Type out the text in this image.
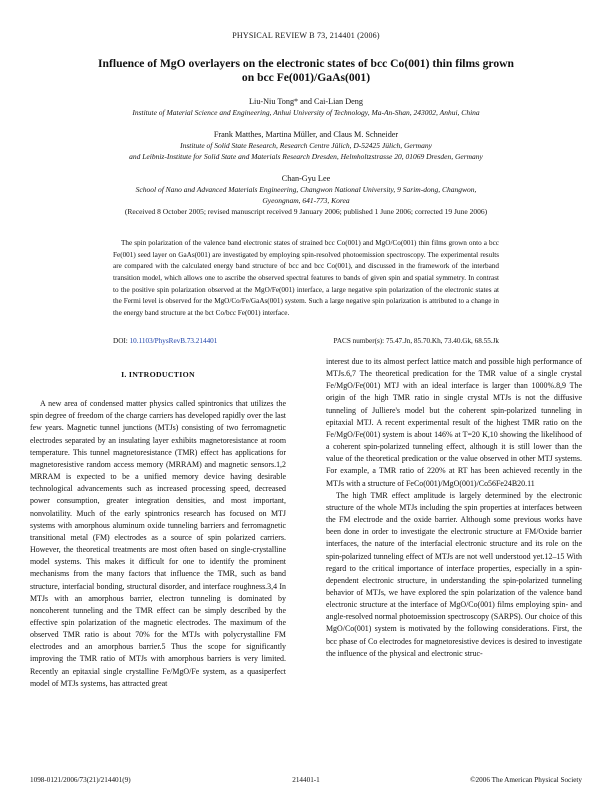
PHYSICAL REVIEW B 73, 214401 (2006)
Influence of MgO overlayers on the electronic states of bcc Co(001) thin films grown
on bcc Fe(001)/GaAs(001)
Liu-Niu Tong* and Cai-Lian Deng
Institute of Material Science and Engineering, Anhui University of Technology, Ma-An-Shan, 243002, Anhui, China
Frank Matthes, Martina Müller, and Claus M. Schneider
Institute of Solid State Research, Research Centre Jülich, D-52425 Jülich, Germany
and Leibniz-Institute for Solid State and Materials Research Dresden, Helmholtzstrasse 20, 01069 Dresden, Germany
Chan-Gyu Lee
School of Nano and Advanced Materials Engineering, Changwon National University, 9 Sarim-dong, Changwon,
Gyeongnam, 641-773, Korea
(Received 8 October 2005; revised manuscript received 9 January 2006; published 1 June 2006; corrected 19 June 2006)
The spin polarization of the valence band electronic states of strained bcc Co(001) and MgO/Co(001) thin films grown onto a bcc Fe(001) seed layer on GaAs(001) are investigated by employing spin-resolved photoemission spectroscopy. The experimental results are compared with the calculated energy band structure of bcc and bcc Co(001), and discussed in the framework of the interband transition model, which allows one to ascribe the observed spectral features to bands of given spin and spatial symmetry. In contrast to the positive spin polarization observed at the MgO/Fe(001) interface, a large negative spin polarization of the electronic states at the Fermi level is observed for the MgO/Co/Fe/GaAs(001) system. Such a large negative spin polarization is attributed to a change in the energy band structure at the bct Co/bcc Fe(001) interface.
DOI: 10.1103/PhysRevB.73.214401	PACS number(s): 75.47.Jn, 85.70.Kh, 73.40.Gk, 68.55.Jk
I. INTRODUCTION

A new area of condensed matter physics called spintronics that utilizes the spin degree of freedom of the charge carriers has developed rapidly over the last few years. Magnetic tunnel junctions (MTJs) consisting of two ferromagnetic electrodes separated by an insulating layer exhibits magnetoresistance at room temperature. This tunnel magnetoresistance (TMR) effect has applications for magnetoresistive random access memory (MRRAM) and magnetic sensors.1,2 MRRAM is expected to be a unified memory device having desirable technological advancements such as increased processing speed, decreased power consumption, greater integration densities, and most important, nonvolatility. Much of the early spintronics research has focused on MTJ systems with amorphous aluminum oxide tunneling barriers and ferromagnetic transitional metal (FM) electrodes as a source of spin polarized carriers. However, the theoretical treatments are most often based on single-crystalline model systems. This makes it difficult for one to identify the prominent mechanisms from the many factors that influence the TMR, such as band structure, interfacial bonding, structural disorder, and interface roughness.3,4 In MTJs with an amorphous barrier, electron tunneling is dominated by noncoherent tunneling and the TMR effect can be simply described by the effective spin polarization of the magnetic electrodes. The maximum of the observed TMR ratio is about 70% for the MTJs with polycrystalline FM electrodes and an amorphous barrier.5 Thus the scope for significantly improving the TMR ratio of MTJs with amorphous barriers is very limited. Recently an epitaxial single crystalline Fe/MgO/Fe system, as a quasiperfect model of MTJs systems, has attracted great

interest due to its almost perfect lattice match and possible high performance of MTJs.6,7 The theoretical predication for the TMR value of a single crystal Fe/MgO/Fe(001) MTJ with an ideal interface is larger than 1000%.8,9 The origin of the high TMR ratio in single crystal MTJs is not the diffusive tunneling of Julliere's model but the coherent spin-polarized tunneling in epitaxial MTJ. A recent experimental result of the highest TMR ratio on the Fe/MgO/Fe(001) system is about 146% at T=20 K,10 showing the likelihood of a coherent spin-polarized tunneling effect, although it is still lower than the value of the theoretical predication or the value observed in other MTJ systems. For example, a TMR ratio of 220% at RT has been achieved recently in the MTJs with a structure of FeCo(001)/MgO(001)/Co56Fe24B20.11

The high TMR effect amplitude is largely determined by the electronic structure of the whole MTJs including the spin properties at interfaces between the FM electrode and the oxide barrier. Although some previous works have been done in order to investigate the electronic structure at FM/Oxide barrier interfaces, the nature of the interfacial electronic structure and its role on the spin-polarized tunneling effect of MTJs are not well understood yet.12–15 With regard to the critical importance of interface properties, especially in a spin-dependent electronic structure, in understanding the spin-polarized tunneling behavior of MTJs, we have explored the spin polarization of the valence band electronic structure at the interface of MgO/Co(001) films employing spin- and angle-resolved normal photoemission spectroscopy (SARPS). Our choice of this MgO/Co(001) system is motivated by the following considerations. First, the bcc phase of Co electrodes for magnetoresistive devices is desired to investigate the influence of the physical and electronic struc-

1098-0121/2006/73(21)/214401(9)	214401-1	©2006 The American Physical Society
